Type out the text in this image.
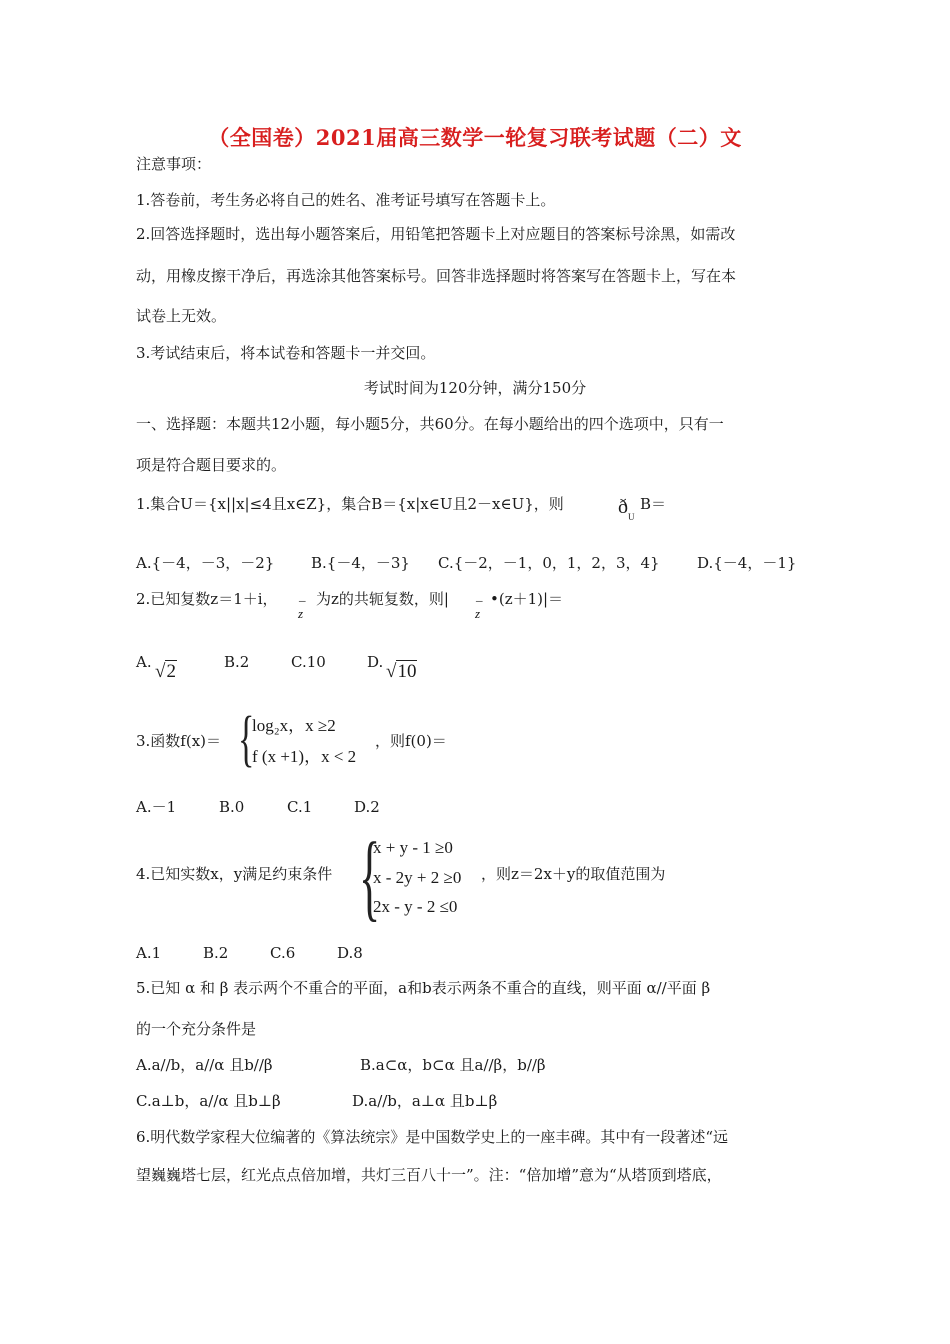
（全国卷）2021届高三数学一轮复习联考试题（二）文
注意事项：
1.答卷前，考生务必将自己的姓名、准考证号填写在答题卡上。
2.回答选择题时，选出每小题答案后，用铅笔把答题卡上对应题目的答案标号涂黑，如需改
动，用橡皮擦干净后，再选涂其他答案标号。回答非选择题时将答案写在答题卡上，写在本
试卷上无效。
3.考试结束后，将本试卷和答题卡一并交回。
考试时间为120分钟，满分150分
一、选择题：本题共12小题，每小题5分，共60分。在每小题给出的四个选项中，只有一
项是符合题目要求的。
1.集合U＝{x||x|≤4且x∈Z}，集合B＝{x|x∈U且2－x∈U}，则	ð U
B＝
A.{－4，－3，－2} B.{－4，－3} C.{－2，－1，0，1，2，3，4} D.{－4，－1}
2.已知复数z＝1＋i， _
z
为z的共轭复数，则| _
z
•(z＋1)|＝
A. √2	B.2	C.10	D. √10
3.函数f(x)＝ {
log₂x，x ≥2
f (x +1)，x < 2
，则f(0)＝
A.－1	B.0	C.1	D.2
4.已知实数x，y满足约束条件 {
x + y - 1 ≥0
x - 2y + 2 ≥0
2x - y - 2 ≤0
，则z＝2x＋y的取值范围为
A.1	B.2	C.6	D.8
5.已知 α 和 β 表示两个不重合的平面，a和b表示两条不重合的直线，则平面 α//平面 β
的一个充分条件是
A.a//b，a//α 且b//β	B.a⊂α，b⊂α 且a//β，b//β
C.a⊥b，a//α 且b⊥β	D.a//b，a⊥α 且b⊥β
6.明代数学家程大位编著的《算法统宗》是中国数学史上的一座丰碑。其中有一段著述“远
望巍巍塔七层，红光点点倍加增，共灯三百八十一”。注：“倍加增”意为“从塔顶到塔底，
